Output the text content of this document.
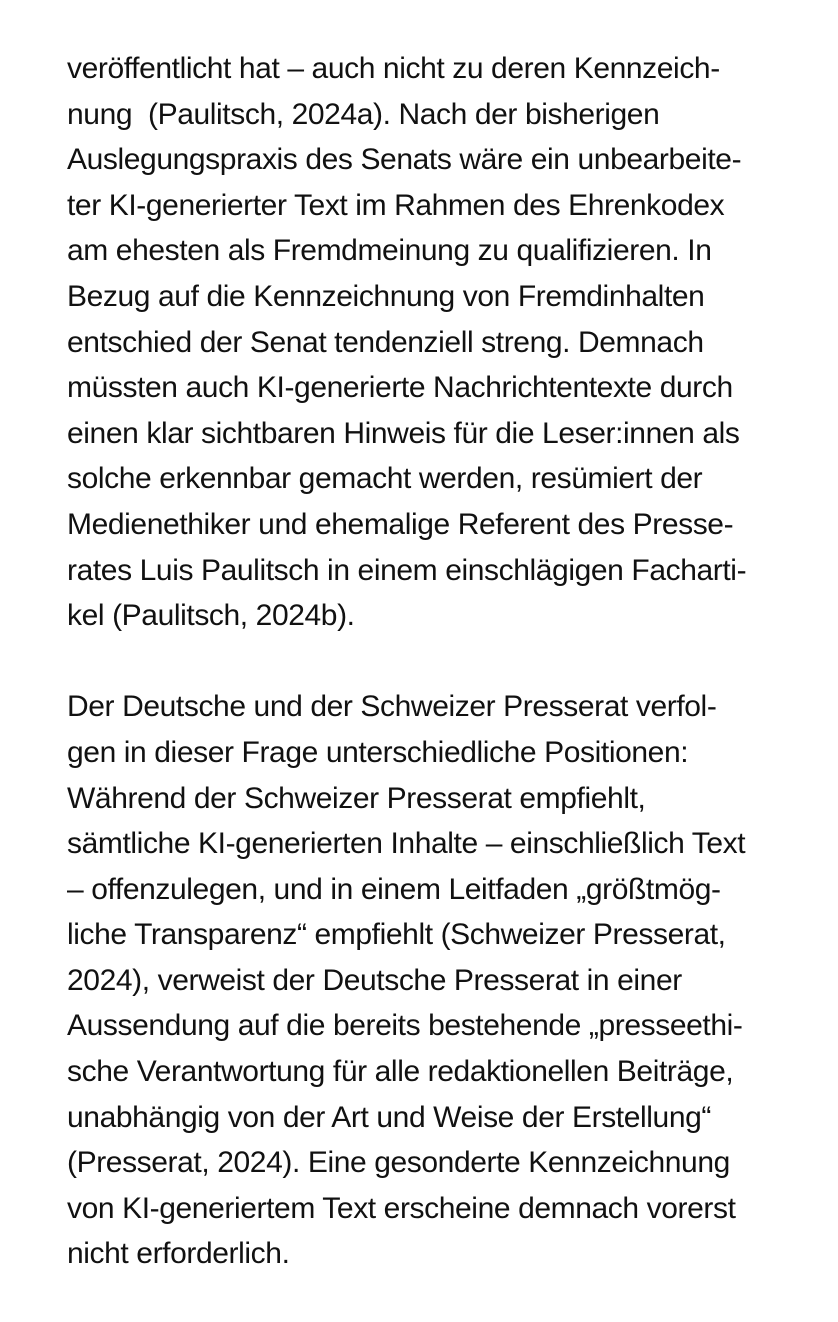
veröffentlicht hat – auch nicht zu deren Kennzeich-
nung  (Paulitsch, 2024a). Nach der bisherigen
Auslegungspraxis des Senats wäre ein unbearbeite-
ter KI-generierter Text im Rahmen des Ehrenkodex
am ehesten als Fremdmeinung zu qualifizieren. In
Bezug auf die Kennzeichnung von Fremdinhalten
entschied der Senat tendenziell streng. Demnach
müssten auch KI-generierte Nachrichtentexte durch
einen klar sichtbaren Hinweis für die Leser:innen als
solche erkennbar gemacht werden, resümiert der
Medienethiker und ehemalige Referent des Presse-
rates Luis Paulitsch in einem einschlägigen Facharti-
kel (Paulitsch, 2024b).
Der Deutsche und der Schweizer Presserat verfol-
gen in dieser Frage unterschiedliche Positionen:
Während der Schweizer Presserat empfiehlt,
sämtliche KI-generierten Inhalte – einschließlich Text
– offenzulegen, und in einem Leitfaden „größtmög-
liche Transparenz“ empfiehlt (Schweizer Presserat,
2024), verweist der Deutsche Presserat in einer
Aussendung auf die bereits bestehende „presseethi-
sche Verantwortung für alle redaktionellen Beiträge,
unabhängig von der Art und Weise der Erstellung“
(Presserat, 2024). Eine gesonderte Kennzeichnung
von KI-generiertem Text erscheine demnach vorerst
nicht erforderlich.
